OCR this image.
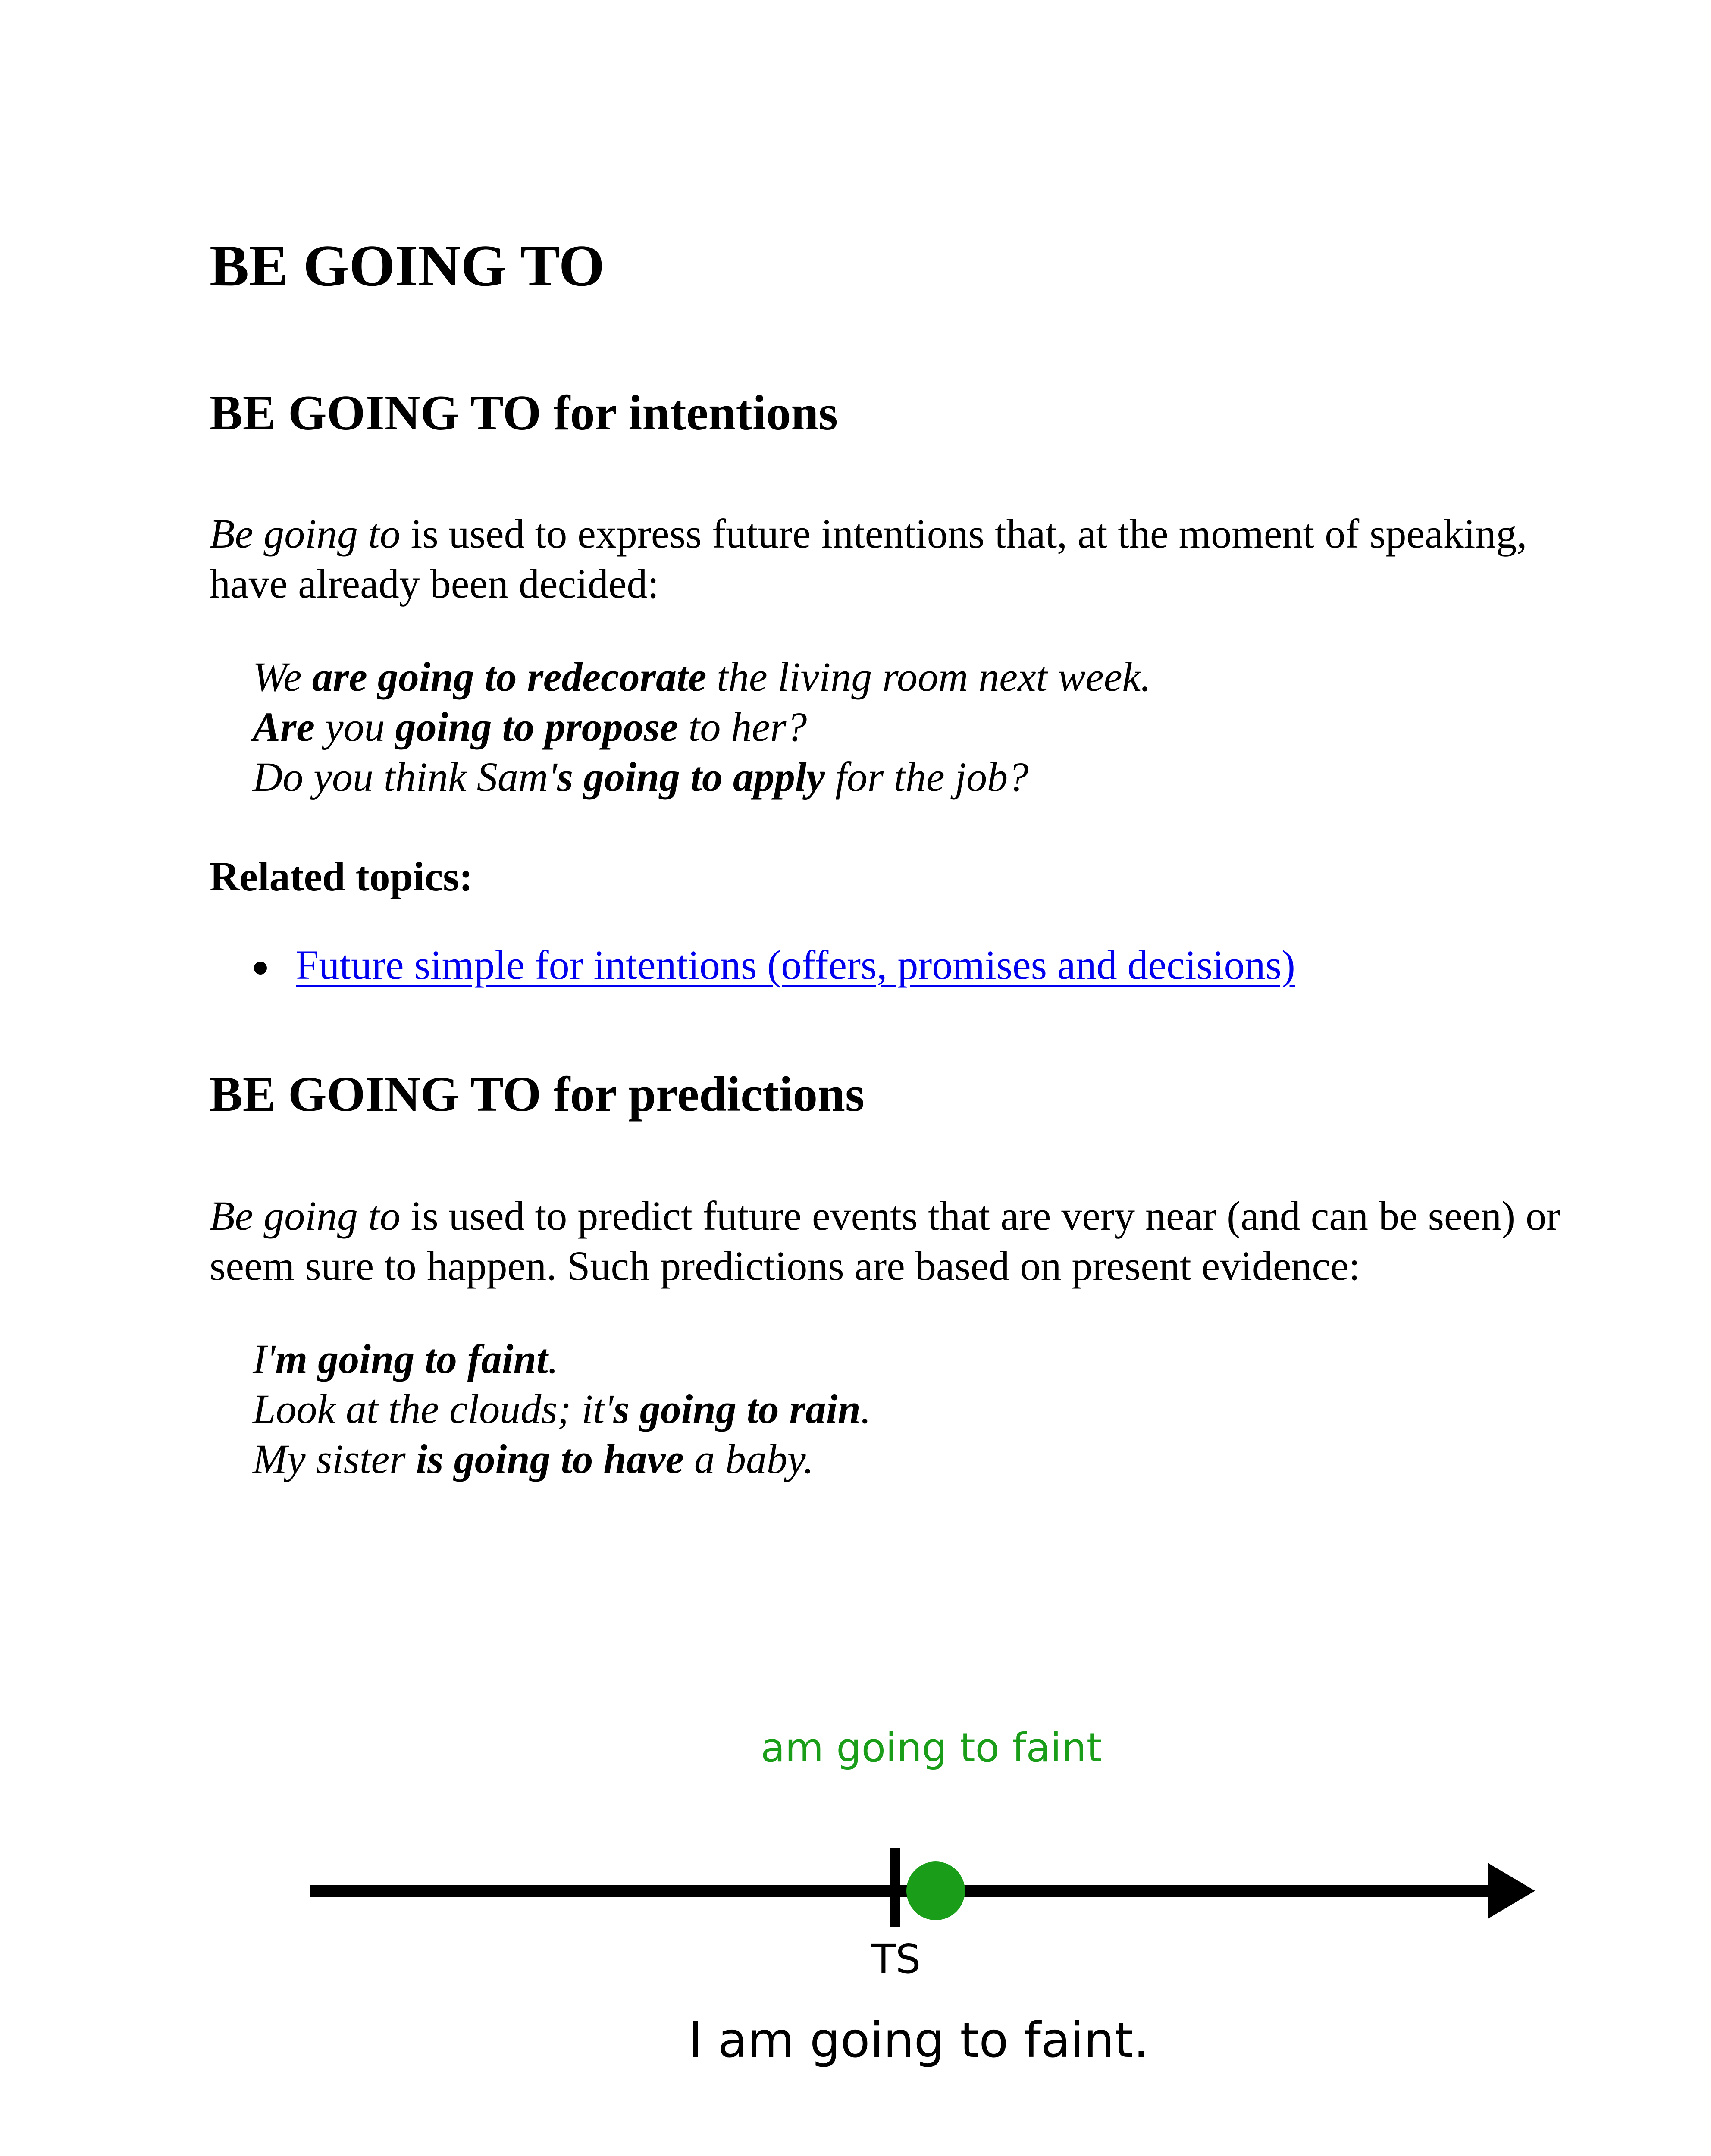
BE GOING TO
BE GOING TO for intentions

Be going to is used to express future intentions that, at the moment of speaking,
have already been decided:

We are going to redecorate the living room next week.
Are you going to propose to her?
Do you think Sam's going to apply for the job?
Related topics:
Future simple for intentions (offers, promises and decisions)
BE GOING TO for predictions

Be going to is used to predict future events that are very near (and can be seen) or
seem sure to happen. Such predictions are based on present evidence:

I'm going to faint.
Look at the clouds; it's going to rain.
My sister is going to have a baby.
am going to faint
TS
I am going to faint.
